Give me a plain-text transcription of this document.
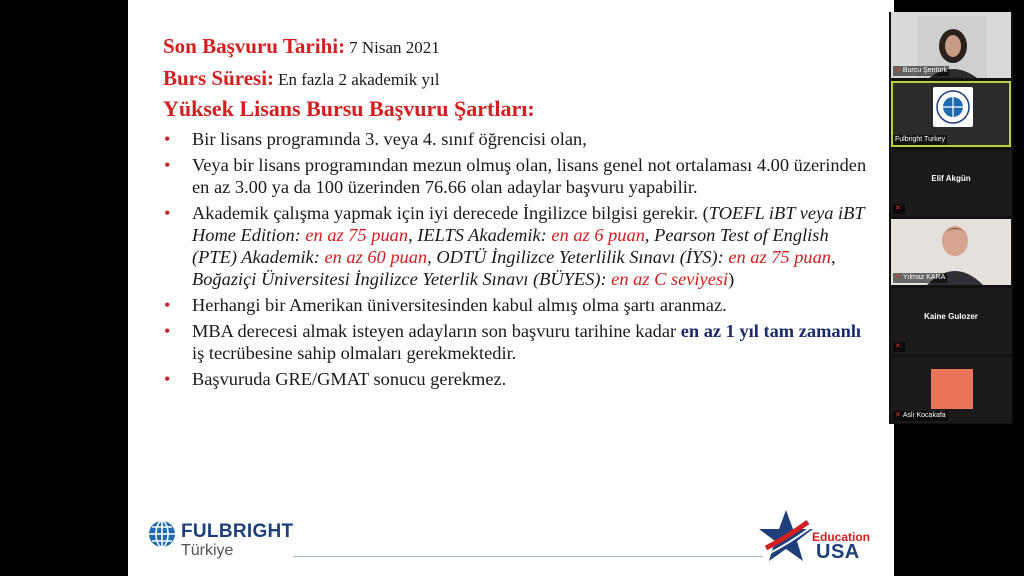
Son Başvuru Tarihi: 7 Nisan 2021
Burs Süresi: En fazla 2 akademik yıl
Yüksek Lisans Bursu Başvuru Şartları:
• Bir lisans programında 3. veya 4. sınıf öğrencisi olan,
• Veya bir lisans programından mezun olmuş olan, lisans genel not ortalaması 4.00 üzerinden en az 3.00 ya da 100 üzerinden 76.66 olan adaylar başvuru yapabilir.
• Akademik çalışma yapmak için iyi derecede İngilizce bilgisi gerekir. (TOEFL iBT veya iBT Home Edition: en az 75 puan, IELTS Akademik: en az 6 puan, Pearson Test of English (PTE) Akademik: en az 60 puan, ODTÜ İngilizce Yeterlilik Sınavı (İYS): en az 75 puan, Boğaziçi Üniversitesi İngilizce Yeterlik Sınavı (BÜYES): en az C seviyesi)
• Herhangi bir Amerikan üniversitesinden kabul almış olma şartı aranmaz.
• MBA derecesi almak isteyen adayların son başvuru tarihine kadar en az 1 yıl tam zamanlı iş tecrübesine sahip olmaları gerekmektedir.
• Başvuruda GRE/GMAT sonucu gerekmez.
FULBRIGHT
Türkiye
Education
USA
✕ Burcu Şentürk
Fulbright Turkey
Elif Akgün
✕
✕ Yılmaz KARA
Kaine Gulozer
✕
✕ Aslı Kocakafa
